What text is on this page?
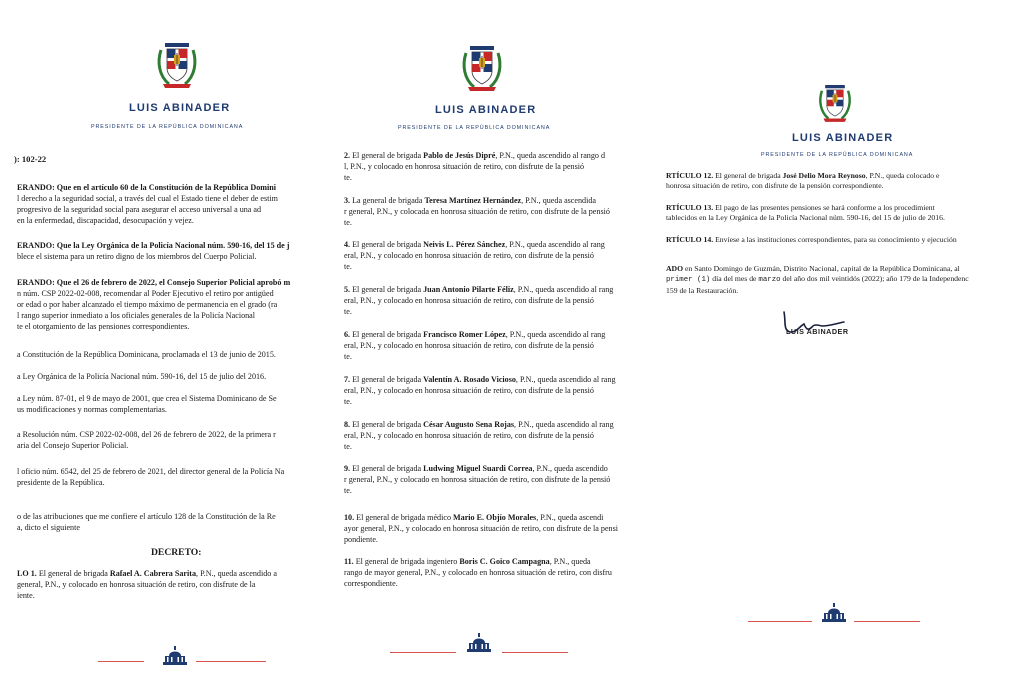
LUIS ABINADER
PRESIDENTE DE LA REPÚBLICA DOMINICANA
): 102-22
ERANDO: Que en el artículo 60 de la Constitución de la República Domini
l derecho a la seguridad social, a través del cual el Estado tiene el deber de estim
progresivo de la seguridad social para asegurar el acceso universal a una ad
en la enfermedad, discapacidad, desocupación y vejez.
ERANDO: Que la Ley Orgánica de la Policía Nacional núm. 590-16, del 15 de j
blece el sistema para un retiro digno de los miembros del Cuerpo Policial.
ERANDO: Que el 26 de febrero de 2022, el Consejo Superior Policial aprobó m
n núm. CSP 2022-02-008, recomendar al Poder Ejecutivo el retiro por antigüed
or edad o por haber alcanzado el tiempo máximo de permanencia en el grado (ra
l rango superior inmediato a los oficiales generales de la Policía Nacional
te el otorgamiento de las pensiones correspondientes.
a Constitución de la República Dominicana, proclamada el 13 de junio de 2015.
a Ley Orgánica de la Policía Nacional núm. 590-16, del 15 de julio del 2016.
a Ley núm. 87-01, el 9 de mayo de 2001, que crea el Sistema Dominicano de Se
us modificaciones y normas complementarias.
a Resolución núm. CSP 2022-02-008, del 26 de febrero de 2022, de la primera r
aria del Consejo Superior Policial.
l oficio núm. 6542, del 25 de febrero de 2021, del director general de la Policía Na
presidente de la República.
o de las atribuciones que me confiere el artículo 128 de la Constitución de la Re
a, dicto el siguiente
DECRETO:
LO 1. El general de brigada Rafael A. Cabrera Sarita, P.N., queda ascendido a
general, P.N., y colocado en honrosa situación de retiro, con disfrute de la
iente.
LUIS ABINADER
PRESIDENTE DE LA REPÚBLICA DOMINICANA
2. El general de brigada Pablo de Jesús Dipré, P.N., queda ascendido al rango d
l, P.N., y colocado en honrosa situación de retiro, con disfrute de la pensió
te.
3. La general de brigada Teresa Martínez Hernández, P.N., queda ascendida
r general, P.N., y colocada en honrosa situación de retiro, con disfrute de la pensió
te.
4. El general de brigada Neivis L. Pérez Sánchez, P.N., queda ascendido al rang
eral, P.N., y colocado en honrosa situación de retiro, con disfrute de la pensió
te.
5. El general de brigada Juan Antonio Pilarte Féliz, P.N., queda ascendido al rang
eral, P.N., y colocado en honrosa situación de retiro, con disfrute de la pensió
te.
6. El general de brigada Francisco Romer López, P.N., queda ascendido al rang
eral, P.N., y colocado en honrosa situación de retiro, con disfrute de la pensió
te.
7. El general de brigada Valentín A. Rosado Vicioso, P.N., queda ascendido al rang
eral, P.N., y colocado en honrosa situación de retiro, con disfrute de la pensió
te.
8. El general de brigada César Augusto Sena Rojas, P.N., queda ascendido al rang
eral, P.N., y colocado en honrosa situación de retiro, con disfrute de la pensió
te.
9. El general de brigada Ludwing Miguel Suardi Correa, P.N., queda ascendido
r general, P.N., y colocado en honrosa situación de retiro, con disfrute de la pensió
te.
10. El general de brigada médico Mario E. Objío Morales, P.N., queda ascendi
ayor general, P.N., y colocado en honrosa situación de retiro, con disfrute de la pensi
pondiente.
11. El general de brigada ingeniero Boris C. Goico Campagna, P.N., queda
rango de mayor general, P.N., y colocado en honrosa situación de retiro, con disfru
correspondiente.
LUIS ABINADER
PRESIDENTE DE LA REPÚBLICA DOMINICANA
RTÍCULO 12. El general de brigada José Delio Mora Reynoso, P.N., queda colocado e
honrosa situación de retiro, con disfrute de la pensión correspondiente.
RTÍCULO 13. El pago de las presentes pensiones se hará conforme a los procedimient
tablecidos en la Ley Orgánica de la Policía Nacional núm. 590-16, del 15 de julio de 2016.
RTÍCULO 14. Envíese a las instituciones correspondientes, para su conocimiento y ejecución
ADO en Santo Domingo de Guzmán, Distrito Nacional, capital de la República Dominicana, al
primer (1) día del mes de marzo del año dos mil veintidós (2022); año 179 de la Independenc
159 de la Restauración.
LUIS ABINADER
